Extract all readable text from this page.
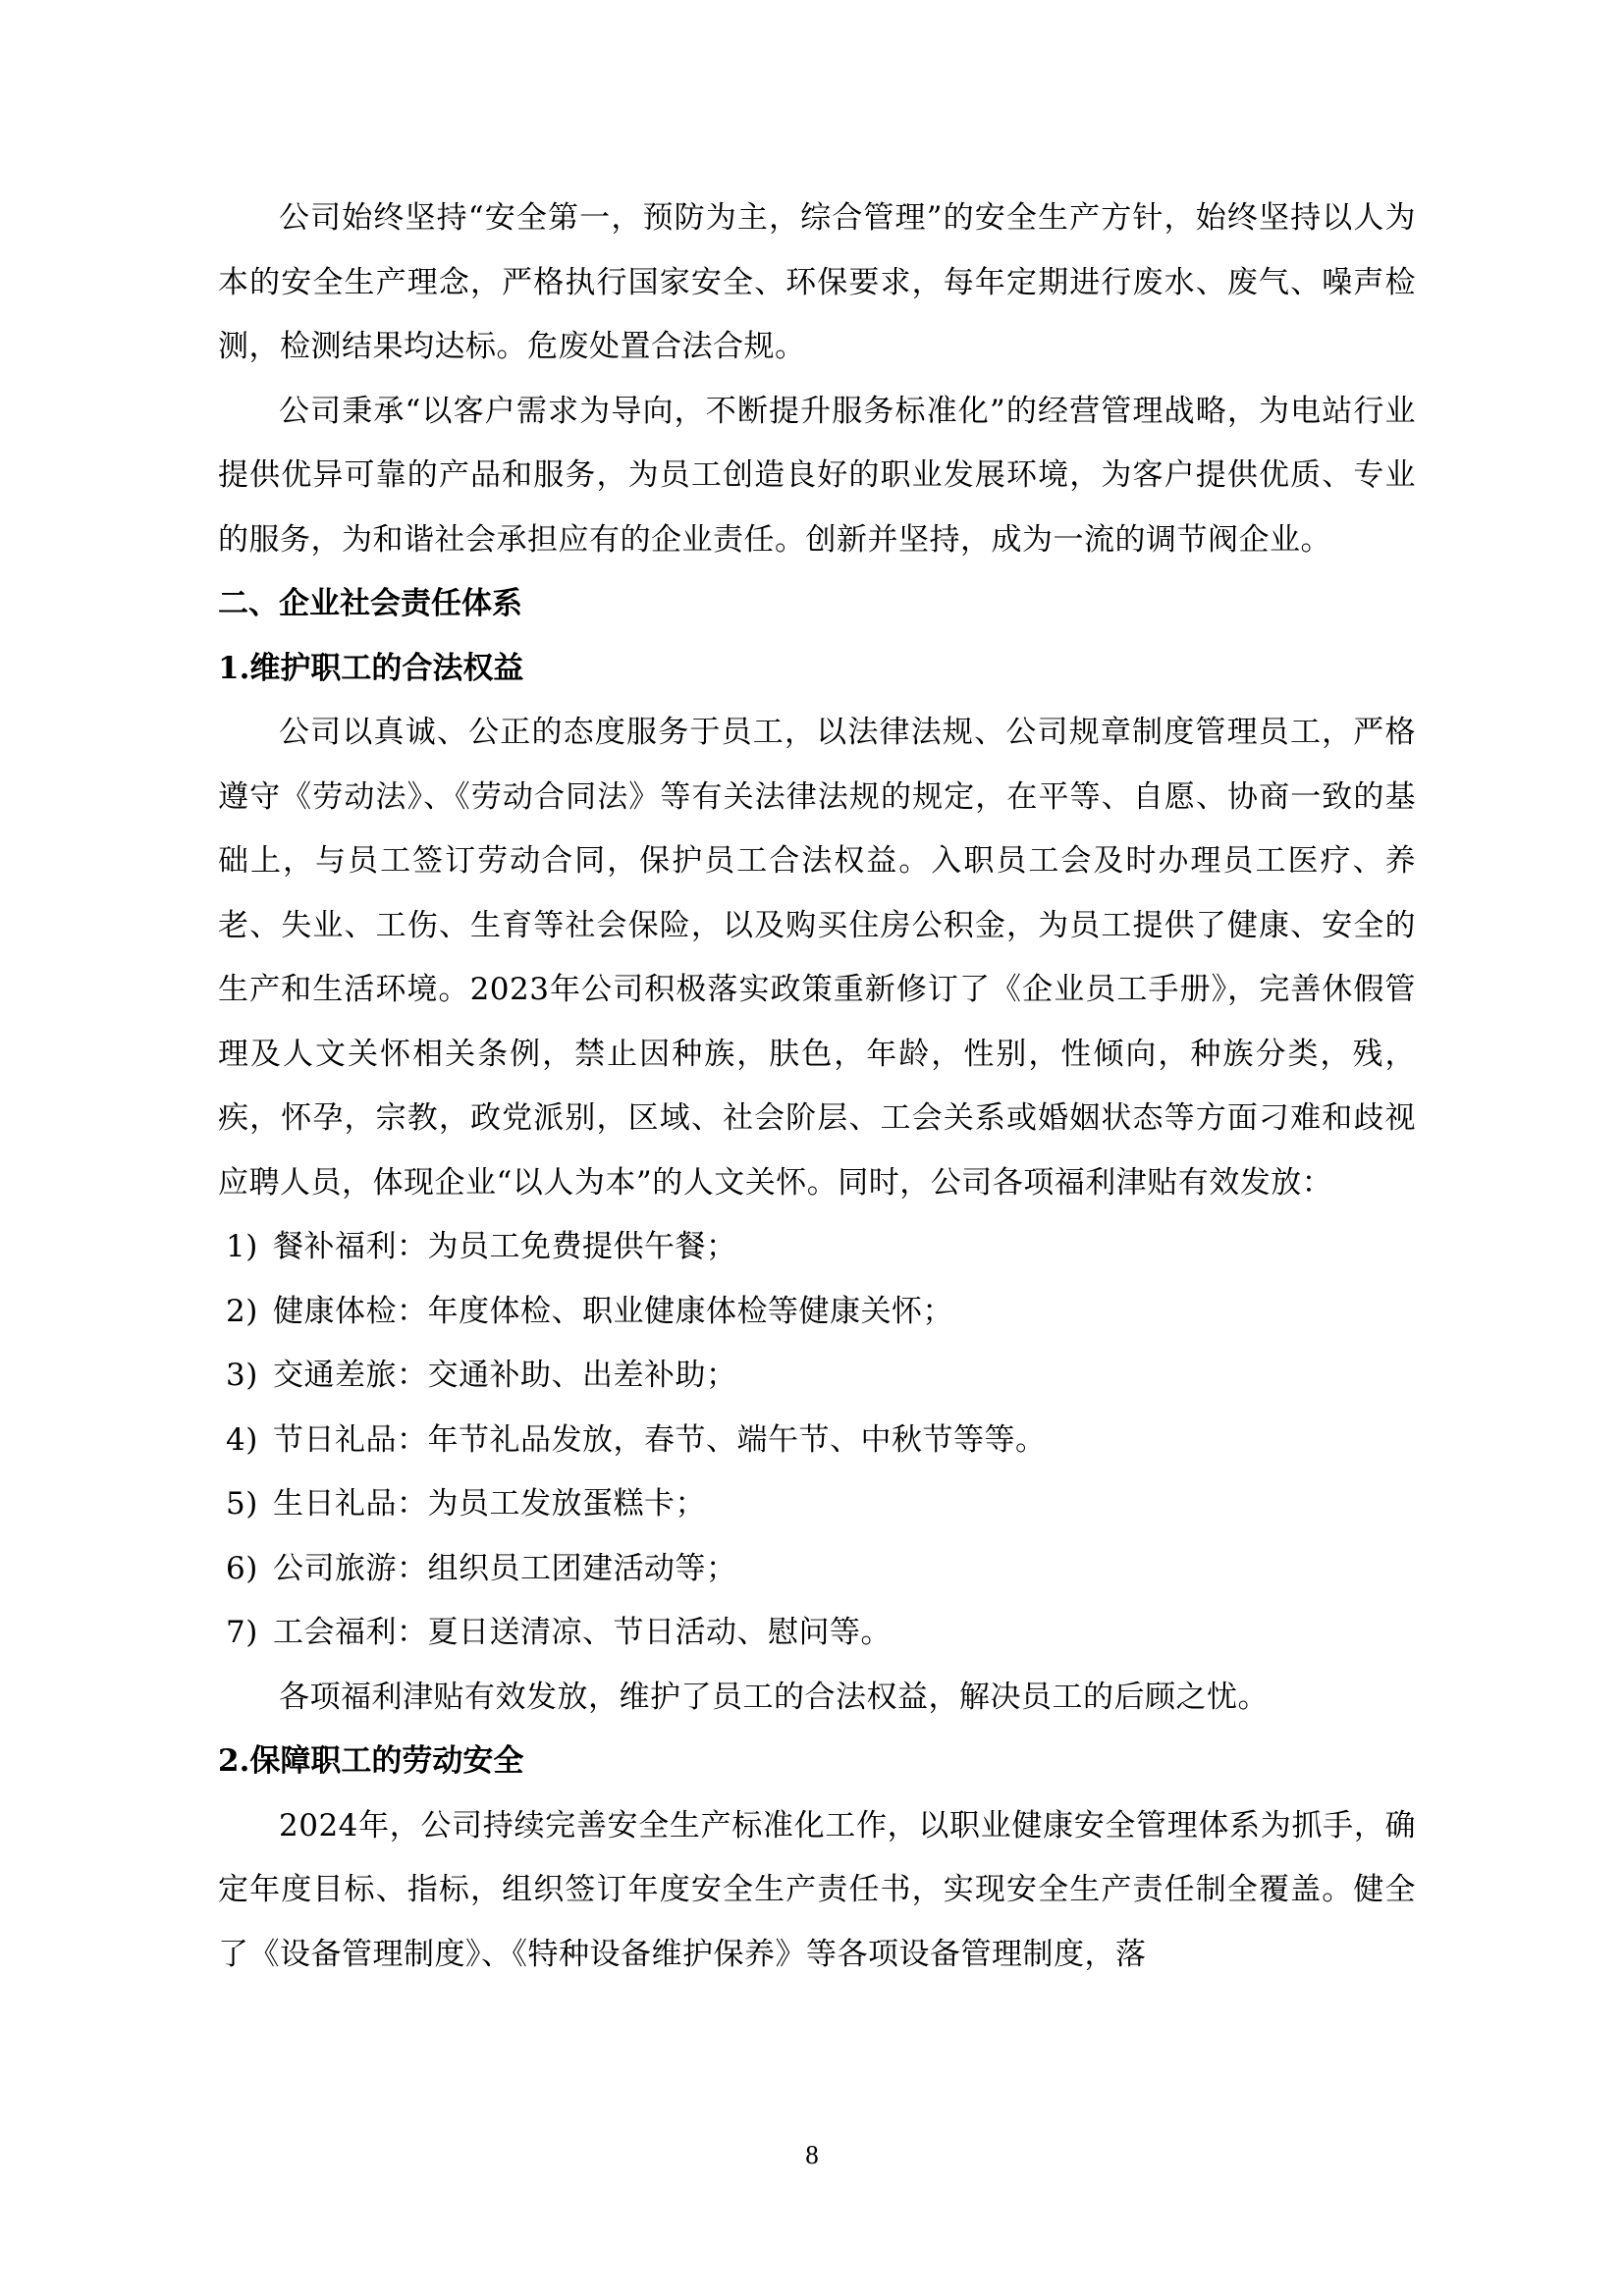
公司始终坚持“安全第一，预防为主，综合管理”的安全生产方针，始终坚持以人为本的安全生产理念，严格执行国家安全、环保要求，每年定期进行废水、废气、噪声检测，检测结果均达标。危废处置合法合规。

公司秉承“以客户需求为导向，不断提升服务标准化”的经营管理战略，为电站行业提供优异可靠的产品和服务，为员工创造良好的职业发展环境，为客户提供优质、专业的服务，为和谐社会承担应有的企业责任。创新并坚持，成为一流的调节阀企业。

二、企业社会责任体系

1.维护职工的合法权益

公司以真诚、公正的态度服务于员工，以法律法规、公司规章制度管理员工，严格遵守《劳动法》、《劳动合同法》等有关法律法规的规定，在平等、自愿、协商一致的基础上，与员工签订劳动合同，保护员工合法权益。入职员工会及时办理员工医疗、养老、失业、工伤、生育等社会保险，以及购买住房公积金，为员工提供了健康、安全的生产和生活环境。2023年公司积极落实政策重新修订了《企业员工手册》，完善休假管理及人文关怀相关条例，禁止因种族，肤色，年龄，性别，性倾向，种族分类，残，疾，怀孕，宗教，政党派别，区域、社会阶层、工会关系或婚姻状态等方面刁难和歧视应聘人员，体现企业“以人为本”的人文关怀。同时，公司各项福利津贴有效发放：

1) 餐补福利：为员工免费提供午餐；

2) 健康体检：年度体检、职业健康体检等健康关怀；

3) 交通差旅：交通补助、出差补助；

4) 节日礼品：年节礼品发放，春节、端午节、中秋节等等。

5) 生日礼品：为员工发放蛋糕卡；

6) 公司旅游：组织员工团建活动等；

7) 工会福利：夏日送清凉、节日活动、慰问等。

各项福利津贴有效发放，维护了员工的合法权益，解决员工的后顾之忧。

2.保障职工的劳动安全

2024年，公司持续完善安全生产标准化工作，以职业健康安全管理体系为抓手，确定年度目标、指标，组织签订年度安全生产责任书，实现安全生产责任制全覆盖。健全了《设备管理制度》、《特种设备维护保养》等各项设备管理制度，落

8
